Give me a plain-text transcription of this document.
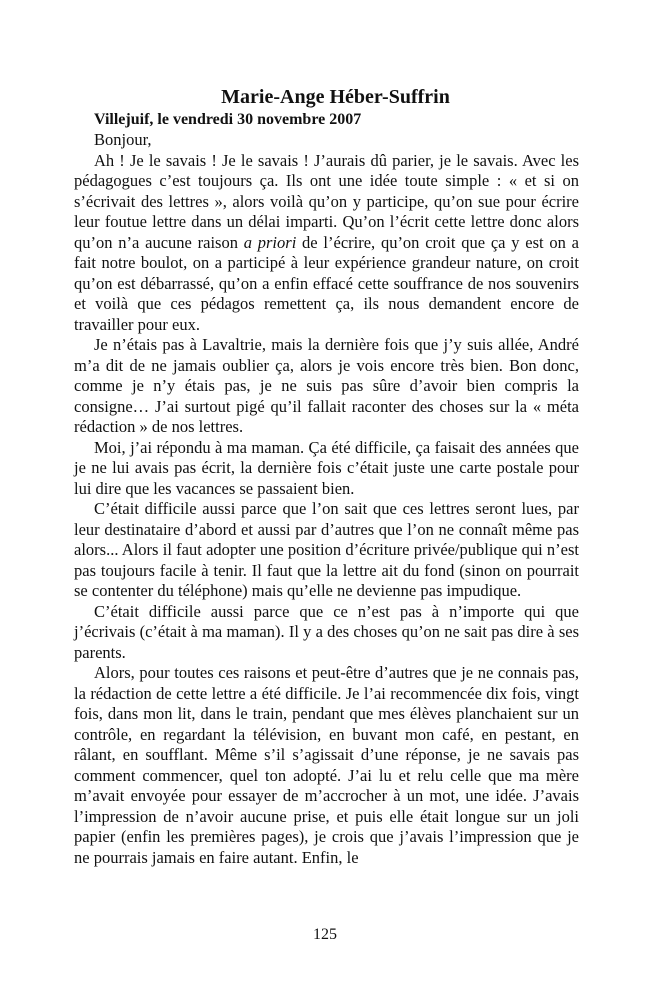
Marie-Ange Héber-Suffrin

Villejuif, le vendredi 30 novembre 2007

Bonjour,

Ah ! Je le savais ! Je le savais ! J’aurais dû parier, je le savais. Avec les pédagogues c’est toujours ça. Ils ont une idée toute simple : « et si on s’écrivait des lettres », alors voilà qu’on y participe, qu’on sue pour écrire leur foutue lettre dans un délai imparti. Qu’on l’écrit cette lettre donc alors qu’on n’a aucune raison a priori de l’écrire, qu’on croit que ça y est on a fait notre boulot, on a participé à leur expérience grandeur nature, on croit qu’on est débarrassé, qu’on a enfin effacé cette souffrance de nos souvenirs et voilà que ces pédagos remettent ça, ils nous demandent encore de travailler pour eux.

Je n’étais pas à Lavaltrie, mais la dernière fois que j’y suis allée, André m’a dit de ne jamais oublier ça, alors je vois encore très bien. Bon donc, comme je n’y étais pas, je ne suis pas sûre d’avoir bien compris la consigne… J’ai surtout pigé qu’il fallait raconter des choses sur la « méta rédaction » de nos lettres.

Moi, j’ai répondu à ma maman. Ça été difficile, ça faisait des années que je ne lui avais pas écrit, la dernière fois c’était juste une carte postale pour lui dire que les vacances se passaient bien.

C’était difficile aussi parce que l’on sait que ces lettres seront lues, par leur destinataire d’abord et aussi par d’autres que l’on ne connaît même pas alors... Alors il faut adopter une position d’écriture privée/publique qui n’est pas toujours facile à tenir. Il faut que la lettre ait du fond (sinon on pourrait se contenter du téléphone) mais qu’elle ne devienne pas impudique.

C’était difficile aussi parce que ce n’est pas à n’importe qui que j’écrivais (c’était à ma maman). Il y a des choses qu’on ne sait pas dire à ses parents.

Alors, pour toutes ces raisons et peut-être d’autres que je ne connais pas, la rédaction de cette lettre a été difficile. Je l’ai recommencée dix fois, vingt fois, dans mon lit, dans le train, pendant que mes élèves planchaient sur un contrôle, en regardant la télévision, en buvant mon café, en pestant, en râlant, en soufflant. Même s’il s’agissait d’une réponse, je ne savais pas comment commencer, quel ton adopté. J’ai lu et relu celle que ma mère m’avait envoyée pour essayer de m’accrocher à un mot, une idée. J’avais l’impression de n’avoir aucune prise, et puis elle était longue sur un joli papier (enfin les premières pages), je crois que j’avais l’impression que je ne pourrais jamais en faire autant. Enfin, le

125
